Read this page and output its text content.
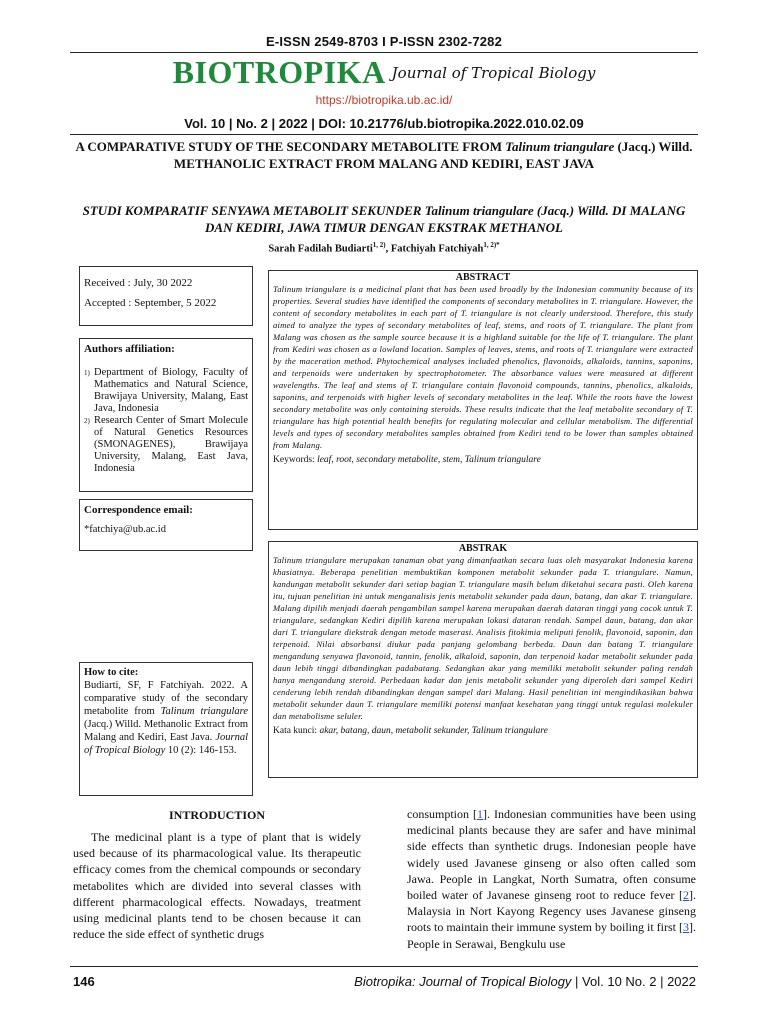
E-ISSN 2549-8703 I P-ISSN 2302-7282
BIOTROPIKA Journal of Tropical Biology
https://biotropika.ub.ac.id/
Vol. 10 | No. 2 | 2022 | DOI: 10.21776/ub.biotropika.2022.010.02.09
A COMPARATIVE STUDY OF THE SECONDARY METABOLITE FROM Talinum triangulare (Jacq.) Willd. METHANOLIC EXTRACT FROM MALANG AND KEDIRI, EAST JAVA
STUDI KOMPARATIF SENYAWA METABOLIT SEKUNDER Talinum triangulare (Jacq.) Willd. DI MALANG DAN KEDIRI, JAWA TIMUR DENGAN EKSTRAK METHANOL
Sarah Fadilah Budiarti$^{1, 2)}$, Fatchiyah Fatchiyah$^{1, 2)*}$
Received : July, 30 2022
Accepted : September, 5 2022
Authors affiliation:
1) Department of Biology, Faculty of Mathematics and Natural Science, Brawijaya University, Malang, East Java, Indonesia
2) Research Center of Smart Molecule of Natural Genetics Resources (SMONAGENES), Brawijaya University, Malang, East Java, Indonesia
Correspondence email:
*fatchiya@ub.ac.id
How to cite:
Budiarti, SF, F Fatchiyah. 2022. A comparative study of the secondary metabolite from Talinum triangulare (Jacq.) Willd. Methanolic Extract from Malang and Kediri, East Java. Journal of Tropical Biology 10 (2): 146-153.
ABSTRACT
Talinum triangulare is a medicinal plant that has been used broadly by the Indonesian community because of its properties. Several studies have identified the components of secondary metabolites in T. triangulare. However, the content of secondary metabolites in each part of T. triangulare is not clearly understood. Therefore, this study aimed to analyze the types of secondary metabolites of leaf, stems, and roots of T. triangulare. The plant from Malang was chosen as the sample source because it is a highland suitable for the life of T. triangulare. The plant from Kediri was chosen as a lowland location. Samples of leaves, stems, and roots of T. triangulare were extracted by the maceration method. Phytochemical analyses included phenolics, flavonoids, alkaloids, tannins, saponins, and terpenoids were undertaken by spectrophotometer. The absorbance values were measured at different wavelengths. The leaf and stems of T. triangulare contain flavonoid compounds, tannins, phenolics, alkaloids, saponins, and terpenoids with higher levels of secondary metabolites in the leaf. While the roots have the lowest secondary metabolite was only containing steroids. These results indicate that the leaf metabolite secondary of T. triangulare has high potential health benefits for regulating molecular and cellular metabolism. The differential levels and types of secondary metabolites samples obtained from Kediri tend to be lower than samples obtained from Malang.
Keywords: leaf, root, secondary metabolite, stem, Talinum triangulare
ABSTRAK
Talinum triangulare merupakan tanaman obat yang dimanfaatkan secara luas oleh masyarakat Indonesia karena khasiatnya. Beberapa penelitian membuktikan komponen metabolit sekunder pada T. triangulare. Namun, kandungan metabolit sekunder dari setiap bagian T. triangulare masih belum diketahui secara pasti. Oleh karena itu, tujuan penelitian ini untuk menganalisis jenis metabolit sekunder pada daun, batang, dan akar T. triangulare. Malang dipilih menjadi daerah pengambilan sampel karena merupakan daerah dataran tinggi yang cocok untuk T. triangulare, sedangkan Kediri dipilih karena merupakan lokasi dataran rendah. Sampel daun, batang, dan akar dari T. triangulare diekstrak dengan metode maserasi. Analisis fitokimia meliputi fenolik, flavonoid, saponin, dan terpenoid. Nilai absorbansi diukur pada panjang gelombang berbeda. Daun dan batang T. triangulare mengandung senyawa flavonoid, tannin, fenolik, alkaloid, saponin, dan terpenoid kadar metabolit sekunder pada daun lebih tinggi dibandingkan padabatang. Sedangkan akar yang memiliki metabolit sekunder paling rendah hanya mengandung steroid. Perbedaan kadar dan jenis metabolit sekunder yang diperoleh dari sampel Kediri cenderung lebih rendah dibandingkan dengan sampel dari Malang. Hasil penelitian ini mengindikasikan bahwa metabolit sekunder daun T. triangulare memiliki potensi manfaat kesehatan yang tinggi untuk regulasi molekuler dan metabolisme seluler.
Kata kunci: akar, batang, daun, metabolit sekunder, Talinum triangulare
INTRODUCTION
The medicinal plant is a type of plant that is widely used because of its pharmacological value. Its therapeutic efficacy comes from the chemical compounds or secondary metabolites which are divided into several classes with different pharmacological effects. Nowadays, treatment using medicinal plants tend to be chosen because it can reduce the side effect of synthetic drugs
consumption [1]. Indonesian communities have been using medicinal plants because they are safer and have minimal side effects than synthetic drugs. Indonesian people have widely used Javanese ginseng or also often called som Jawa. People in Langkat, North Sumatra, often consume boiled water of Javanese ginseng root to reduce fever [2]. Malaysia in Nort Kayong Regency uses Javanese ginseng roots to maintain their immune system by boiling it first [3]. People in Serawai, Bengkulu use
146	Biotropika: Journal of Tropical Biology | Vol. 10 No. 2 | 2022
